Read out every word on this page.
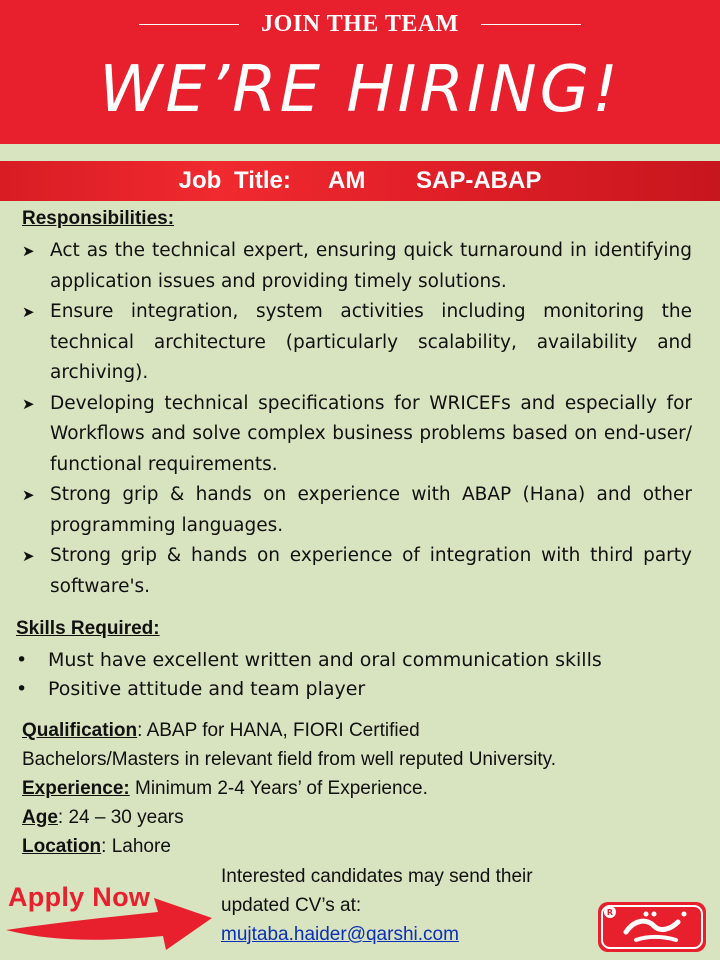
JOIN THE TEAM
WE’RE HIRING!
Job Title:   AM    SAP-ABAP
Responsibilities:
➤ Act as the technical expert, ensuring quick turnaround in identifying application issues and providing timely solutions.
➤ Ensure integration, system activities including monitoring the technical architecture (particularly scalability, availability and archiving).
➤ Developing technical specifications for WRICEFs and especially for Workflows and solve complex business problems based on end-user/ functional requirements.
➤ Strong grip & hands on experience with ABAP (Hana) and other programming languages.
➤ Strong grip & hands on experience of integration with third party software's.
Skills Required:
•	Must have excellent written and oral communication skills
•	Positive attitude and team player
Qualification: ABAP for HANA, FIORI Certified
Bachelors/Masters in relevant field from well reputed University.
Experience: Minimum 2-4 Years’ of Experience.
Age: 24 – 30 years
Location: Lahore
Apply Now
Interested candidates may send their
updated CV’s at:
mujtaba.haider@qarshi.com
R
